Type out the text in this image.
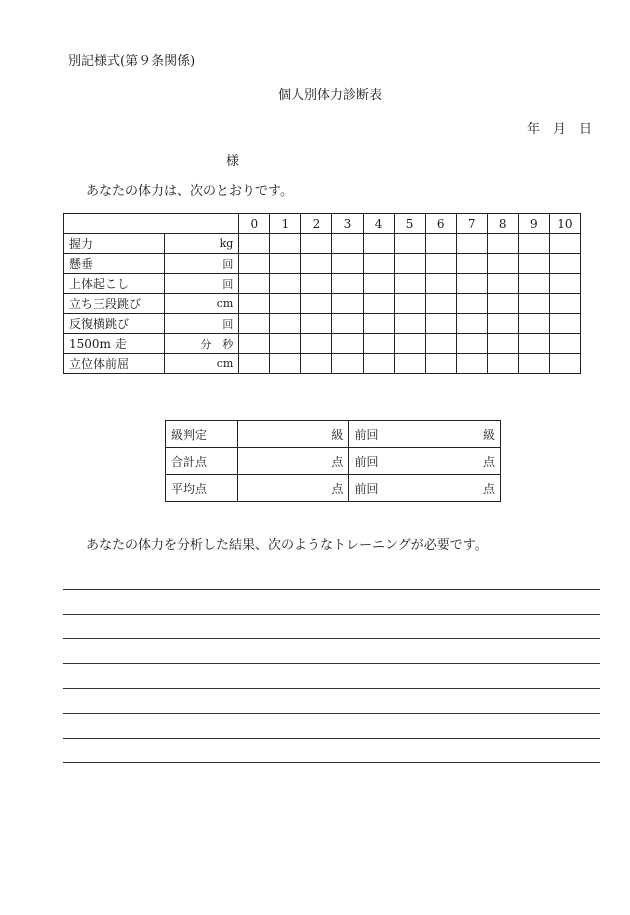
別記様式(第９条関係)
個人別体力診断表
年　月　日
様
あなたの体力は、次のとおりです。
		0	1	2	3	4	5	6	7	8	9	10
握力	kg											
懸垂	回											
上体起こし	回											
立ち三段跳び	cm											
反復横跳び	回											
1500m 走	分　秒											
立位体前屈	cm											
級判定	級	前回 級

合計点	点	前回 点

平均点	点	前回 点
あなたの体力を分析した結果、次のようなトレーニングが必要です。
